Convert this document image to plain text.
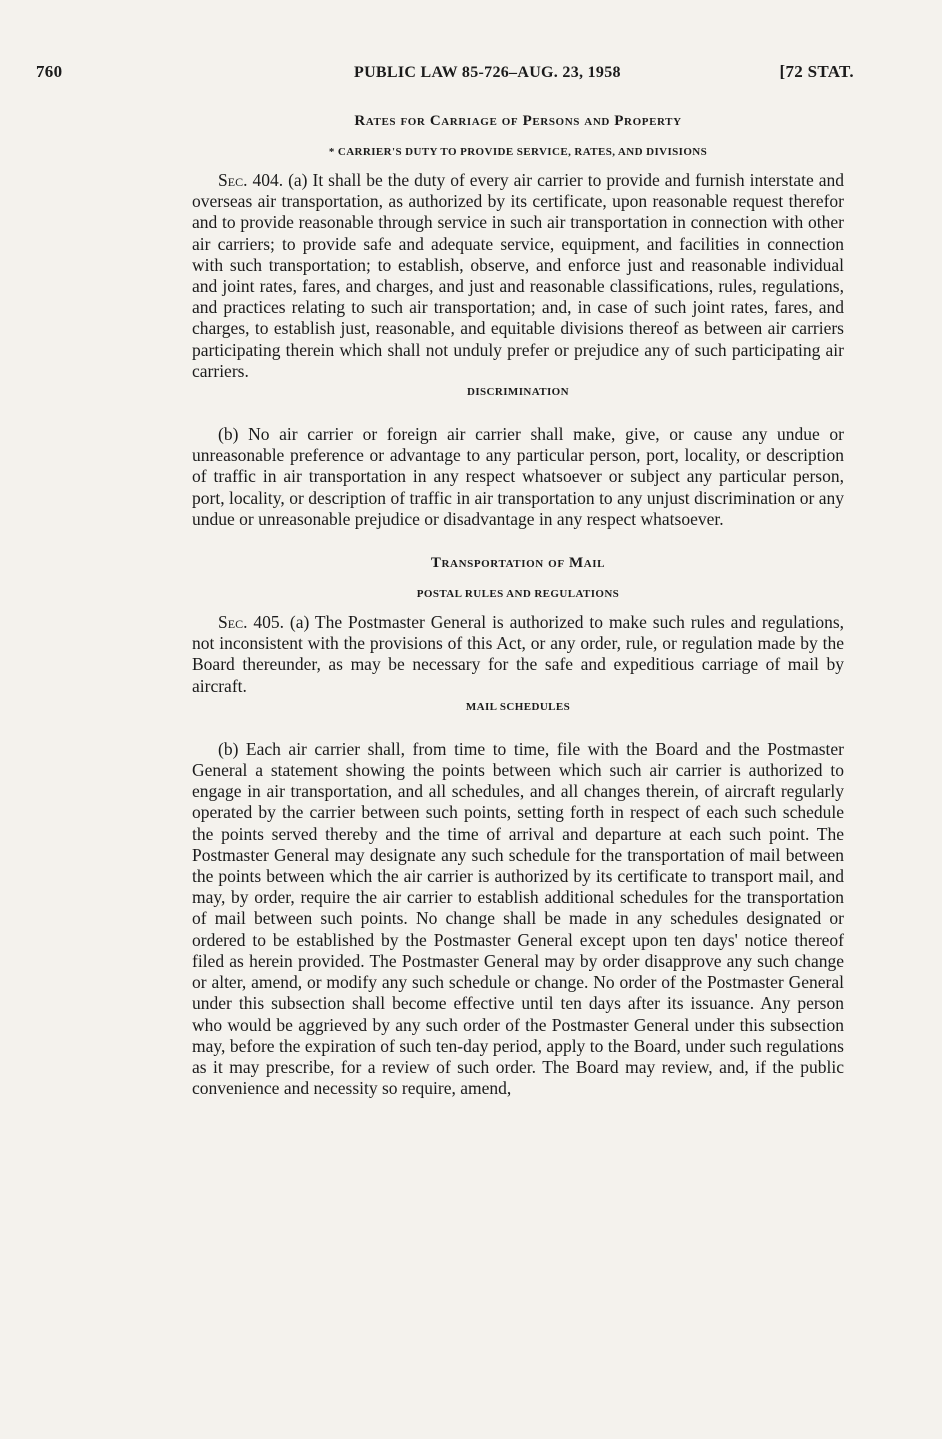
760	PUBLIC LAW 85-726–AUG. 23, 1958	[72 STAT.

Rates for Carriage of Persons and Property

* CARRIER'S DUTY TO PROVIDE SERVICE, RATES, AND DIVISIONS

Sec. 404. (a) It shall be the duty of every air carrier to provide and furnish interstate and overseas air transportation, as authorized by its certificate, upon reasonable request therefor and to provide reasonable through service in such air transportation in connection with other air carriers; to provide safe and adequate service, equipment, and facilities in connection with such transportation; to establish, observe, and enforce just and reasonable individual and joint rates, fares, and charges, and just and reasonable classifications, rules, regulations, and practices relating to such air transportation; and, in case of such joint rates, fares, and charges, to establish just, reasonable, and equitable divisions thereof as between air carriers participating therein which shall not unduly prefer or prejudice any of such participating air carriers.

DISCRIMINATION

(b) No air carrier or foreign air carrier shall make, give, or cause any undue or unreasonable preference or advantage to any particular person, port, locality, or description of traffic in air transportation in any respect whatsoever or subject any particular person, port, locality, or description of traffic in air transportation to any unjust discrimination or any undue or unreasonable prejudice or disadvantage in any respect whatsoever.

Transportation of Mail

POSTAL RULES AND REGULATIONS

Sec. 405. (a) The Postmaster General is authorized to make such rules and regulations, not inconsistent with the provisions of this Act, or any order, rule, or regulation made by the Board thereunder, as may be necessary for the safe and expeditious carriage of mail by aircraft.

MAIL SCHEDULES

(b) Each air carrier shall, from time to time, file with the Board and the Postmaster General a statement showing the points between which such air carrier is authorized to engage in air transportation, and all schedules, and all changes therein, of aircraft regularly operated by the carrier between such points, setting forth in respect of each such schedule the points served thereby and the time of arrival and departure at each such point. The Postmaster General may designate any such schedule for the transportation of mail between the points between which the air carrier is authorized by its certificate to transport mail, and may, by order, require the air carrier to establish additional schedules for the transportation of mail between such points. No change shall be made in any schedules designated or ordered to be established by the Postmaster General except upon ten days' notice thereof filed as herein provided. The Postmaster General may by order disapprove any such change or alter, amend, or modify any such schedule or change. No order of the Postmaster General under this subsection shall become effective until ten days after its issuance. Any person who would be aggrieved by any such order of the Postmaster General under this subsection may, before the expiration of such ten-day period, apply to the Board, under such regulations as it may prescribe, for a review of such order. The Board may review, and, if the public convenience and necessity so require, amend,
